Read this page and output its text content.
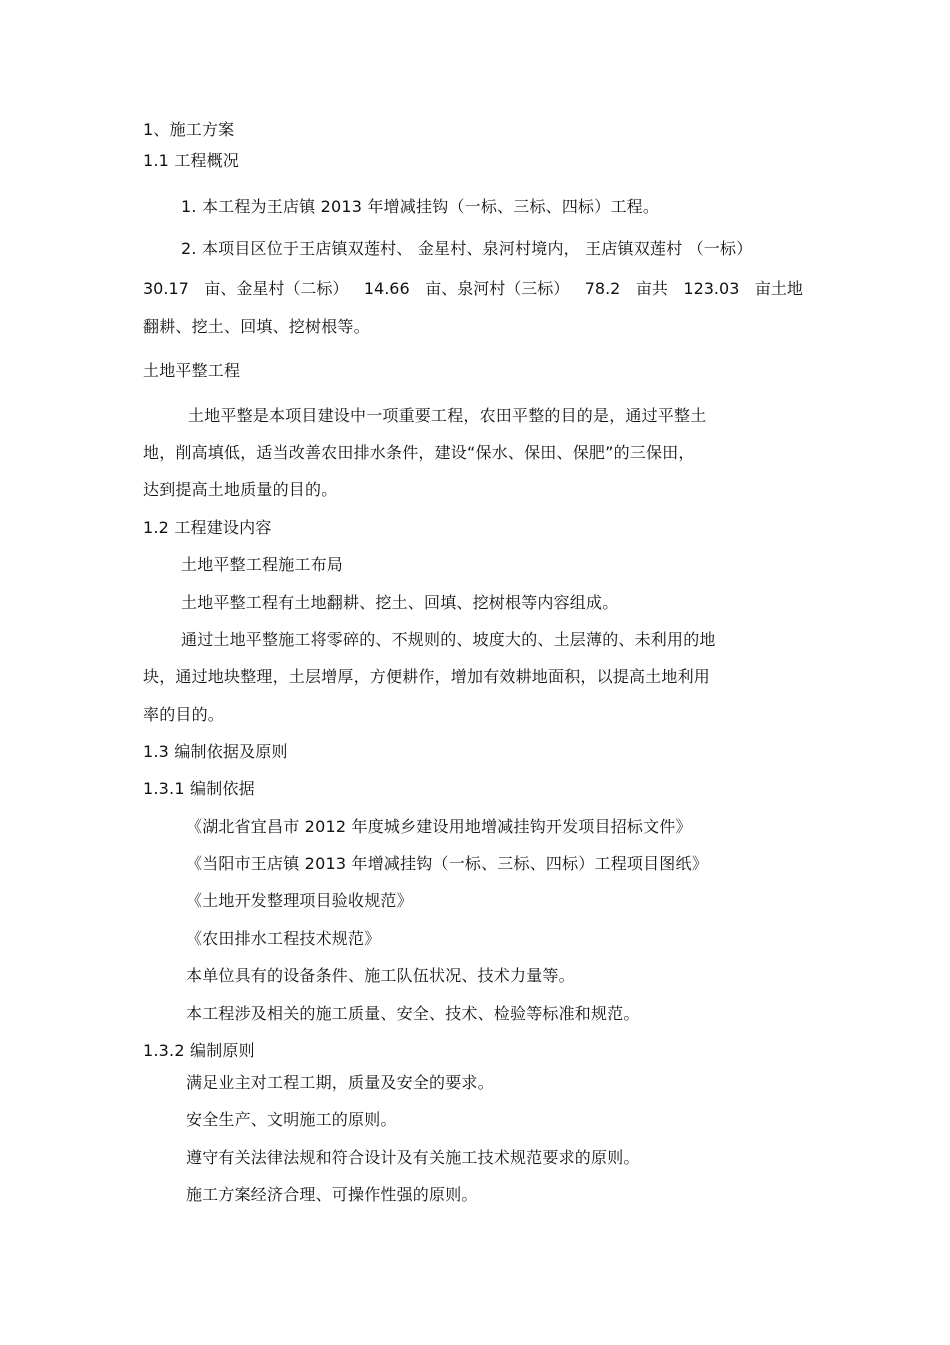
1、施工方案

1.1 工程概况

1. 本工程为王店镇 2013 年增减挂钩（一标、三标、四标）工程。

2. 本项目区位于王店镇双莲村、 金星村、泉河村境内， 王店镇双莲村 （一标）

30.17 亩、金星村（二标） 14.66 亩、泉河村（三标） 78.2 亩共 123.03 亩土地

翻耕、挖土、回填、挖树根等。

土地平整工程

土地平整是本项目建设中一项重要工程，农田平整的目的是，通过平整土

地，削高填低，适当改善农田排水条件，建设“保水、保田、保肥”的三保田，

达到提高土地质量的目的。

1.2 工程建设内容

土地平整工程施工布局

土地平整工程有土地翻耕、挖土、回填、挖树根等内容组成。

通过土地平整施工将零碎的、不规则的、坡度大的、土层薄的、未利用的地

块，通过地块整理，土层增厚，方便耕作，增加有效耕地面积，以提高土地利用

率的目的。

1.3 编制依据及原则

1.3.1 编制依据

《湖北省宜昌市 2012 年度城乡建设用地增减挂钩开发项目招标文件》

《当阳市王店镇 2013 年增减挂钩（一标、三标、四标）工程项目图纸》

《土地开发整理项目验收规范》

《农田排水工程技术规范》

本单位具有的设备条件、施工队伍状况、技术力量等。

本工程涉及相关的施工质量、安全、技术、检验等标准和规范。

1.3.2 编制原则

满足业主对工程工期，质量及安全的要求。

安全生产、文明施工的原则。

遵守有关法律法规和符合设计及有关施工技术规范要求的原则。

施工方案经济合理、可操作性强的原则。
